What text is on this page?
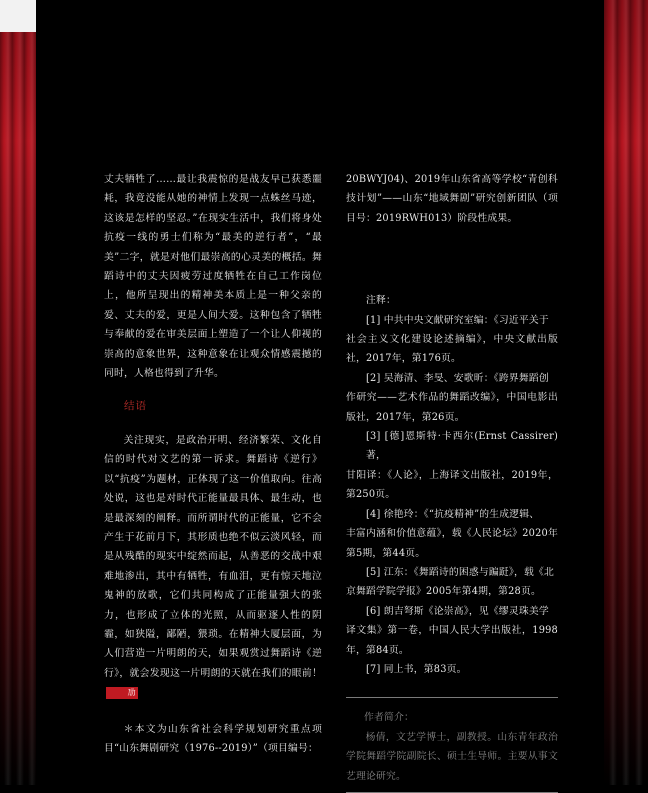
丈夫牺牲了……最让我震惊的是战友早已获悉噩耗，我竟没能从她的神情上发现一点蛛丝马迹，这该是怎样的坚忍。”在现实生活中，我们将身处抗疫一线的勇士们称为“最美的逆行者”，“最美”二字，就是对他们最崇高的心灵美的概括。舞蹈诗中的丈夫因疲劳过度牺牲在自己工作岗位上，他所呈现出的精神美本质上是一种父亲的爱、丈夫的爱，更是人间大爱。这种包含了牺牲与奉献的爱在审美层面上塑造了一个让人仰视的崇高的意象世界，这种意象在让观众情感震撼的同时，人格也得到了升华。

结语

关注现实，是政治开明、经济繁荣、文化自信的时代对文艺的第一诉求。舞蹈诗《逆行》以“抗疫”为题材，正体现了这一价值取向。往高处说，这也是对时代正能量最具体、最生动，也是最深刻的阐释。而所谓时代的正能量，它不会产生于花前月下，其形质也绝不似云淡风轻，而是从残酷的现实中绽然而起，从善恶的交战中艰难地渗出，其中有牺牲，有血泪，更有惊天地泣鬼神的放歌，它们共同构成了正能量强大的张力，也形成了立体的光照，从而驱逐人性的阴霾，如狭隘，鄙陋，猥琐。在精神大厦层面，为人们营造一片明朗的天，如果观赏过舞蹈诗《逆行》，就会发现这一片明朗的天就在我们的眼前！劢

＊本文为山东省社会科学规划研究重点项目“山东舞剧研究（1976--2019）”（项目编号：

20BWYJ04)、2019年山东省高等学校“青创科技计划”——山东“地域舞剧”研究创新团队（项目号：2019RWH013）阶段性成果。

注释：

[1] 中共中央文献研究室编：《习近平关于

社会主义文化建设论述摘编》，中央文献出版社，2017年，第176页。

[2] 吴海清、李旻、安歌昕：《跨界舞蹈创

作研究——艺术作品的舞蹈改编》，中国电影出版社，2017年，第26页。

[3] [德]恩斯特·卡西尔(Ernst Cassirer)著，

甘阳译：《人论》，上海译文出版社，2019年，第250页。

[4] 徐艳玲：《“抗疫精神”的生成逻辑、

丰富内涵和价值意蕴》，载《人民论坛》2020年第5期，第44页。

[5] 江东：《舞蹈诗的困惑与蹁跹》，载《北

京舞蹈学院学报》2005年第4期，第28页。

[6] 朗吉弩斯《论崇高》，见《缪灵珠美学

译文集》第一卷，中国人民大学出版社，1998年，第84页。

[7] 同上书，第83页。

作者简介：

杨倩，文艺学博士，副教授。山东青年政治学院舞蹈学院副院长、硕士生导师。主要从事文艺理论研究。
